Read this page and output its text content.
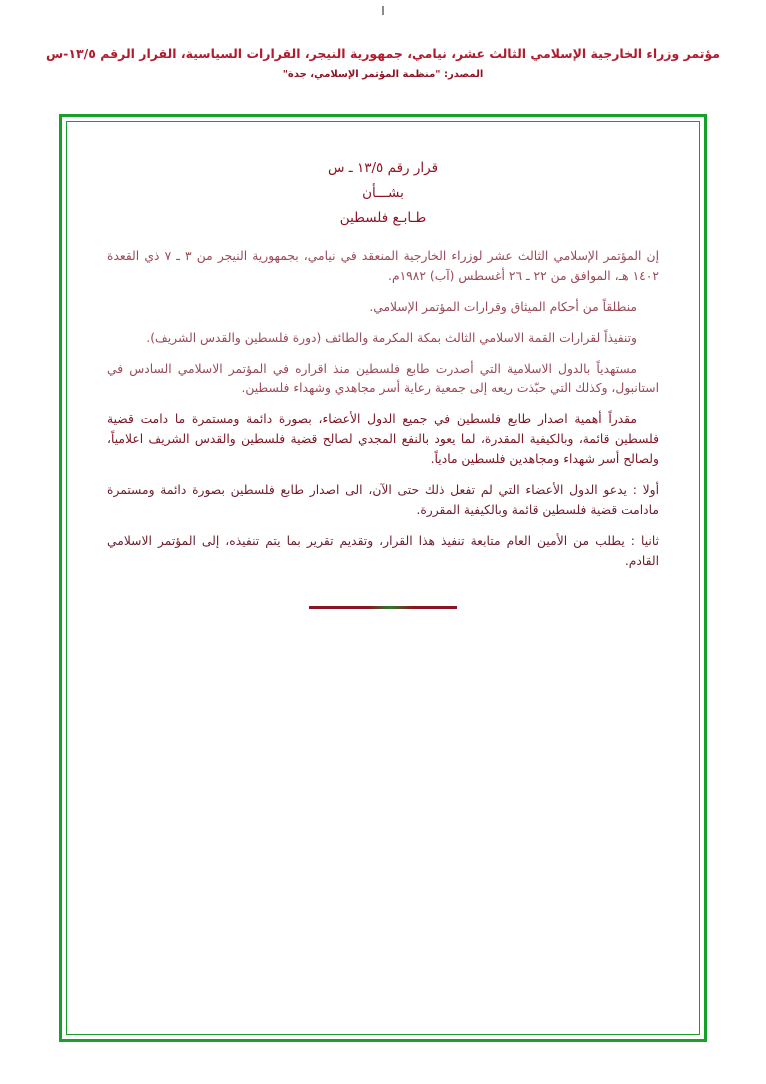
مؤتمر وزراء الخارجية الإسلامي الثالث عشر، نيامي، جمهورية النيجر، القرارات السياسية، القرار الرقم ١٣/٥-س
المصدر: "منظمة المؤتمر الإسلامي، جدة"
قرار رقم ١٣/٥ ـ س
بشـــأن
طـابـع فلسطين

إن المؤتمر الإسلامي الثالث عشر لوزراء الخارجية المنعقد في نيامي، بجمهورية النيجر من ٣ ـ ٧ ذي القعدة ١٤٠٢ هـ، الموافق من ٢٢ ـ ٢٦ أغسطس (آب) ١٩٨٢م.

منطلقاً من أحكام الميثاق وقرارات المؤتمر الإسلامي.

وتنفيذاً لقرارات القمة الاسلامي الثالث بمكة المكرمة والطائف (دورة فلسطين والقدس الشريف).

مستهدياً بالدول الاسلامية التي أصدرت طابع فلسطين منذ اقراره في المؤتمر الاسلامي السادس في استانبول، وكذلك التي حبّذت ريعه إلى جمعية رعاية أسر مجاهدي وشهداء فلسطين.

مقدراً أهمية اصدار طابع فلسطين في جميع الدول الأعضاء، بصورة دائمة ومستمرة ما دامت قضية فلسطين قائمة، وبالكيفية المقدرة، لما يعود بالنفع المجدي لصالح قضية فلسطين والقدس الشريف اعلامياً، ولصالح أسر شهداء ومجاهدين فلسطين مادياً.

أولا : يدعو الدول الأعضاء التي لم تفعل ذلك حتى الآن، الى اصدار طابع فلسطين بصورة دائمة ومستمرة مادامت قضية فلسطين قائمة وبالكيفية المقررة.

ثانيا : يطلب من الأمين العام متابعة تنفيذ هذا القرار، وتقديم تقرير بما يتم تنفيذه، إلى المؤتمر الاسلامي القادم.
